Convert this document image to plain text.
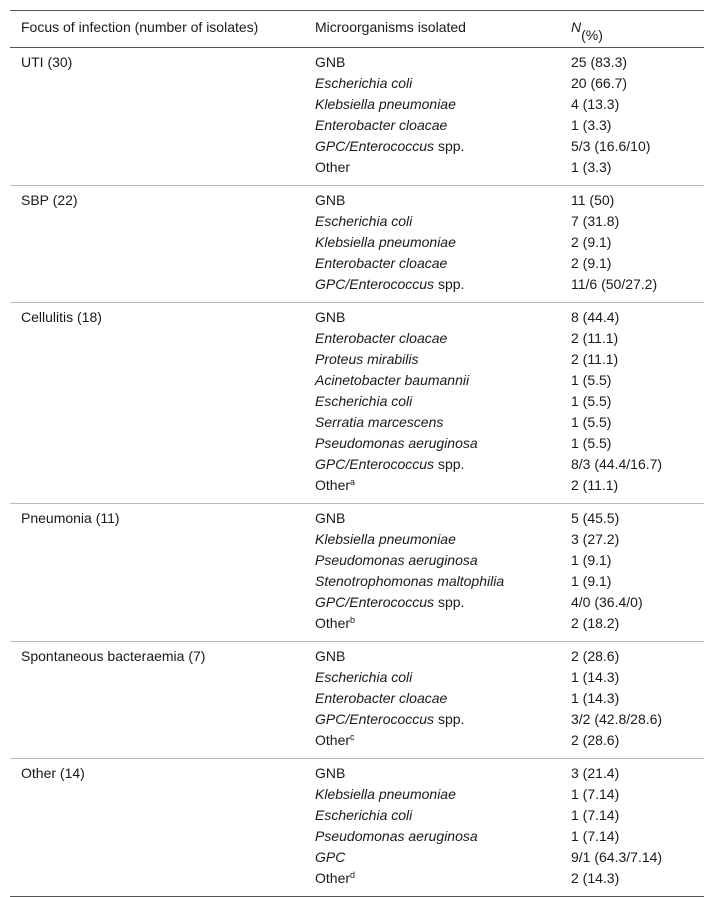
Focus of infection (number of isolates)	Microorganisms isolated	N (%)
UTI (30)	GNB	25 (83.3)
Escherichia coli	20 (66.7)
Klebsiella pneumoniae	4 (13.3)
Enterobacter cloacae	1 (3.3)
GPC/Enterococcus spp.	5/3 (16.6/10)
Other	1 (3.3)
SBP (22)	GNB	11 (50)
Escherichia coli	7 (31.8)
Klebsiella pneumoniae	2 (9.1)
Enterobacter cloacae	2 (9.1)
GPC/Enterococcus spp.	11/6 (50/27.2)
Cellulitis (18)	GNB	8 (44.4)
Enterobacter cloacae	2 (11.1)
Proteus mirabilis	2 (11.1)
Acinetobacter baumannii	1 (5.5)
Escherichia coli	1 (5.5)
Serratia marcescens	1 (5.5)
Pseudomonas aeruginosa	1 (5.5)
GPC/Enterococcus spp.	8/3 (44.4/16.7)
Other$^a$	2 (11.1)
Pneumonia (11)	GNB	5 (45.5)
Klebsiella pneumoniae	3 (27.2)
Pseudomonas aeruginosa	1 (9.1)
Stenotrophomonas maltophilia	1 (9.1)
GPC/Enterococcus spp.	4/0 (36.4/0)
Other$^b$	2 (18.2)
Spontaneous bacteraemia (7)	GNB	2 (28.6)
Escherichia coli	1 (14.3)
Enterobacter cloacae	1 (14.3)
GPC/Enterococcus spp.	3/2 (42.8/28.6)
Other$^c$	2 (28.6)
Other (14)	GNB	3 (21.4)
Klebsiella pneumoniae	1 (7.14)
Escherichia coli	1 (7.14)
Pseudomonas aeruginosa	1 (7.14)
GPC	9/1 (64.3/7.14)
Other$^d$	2 (14.3)
